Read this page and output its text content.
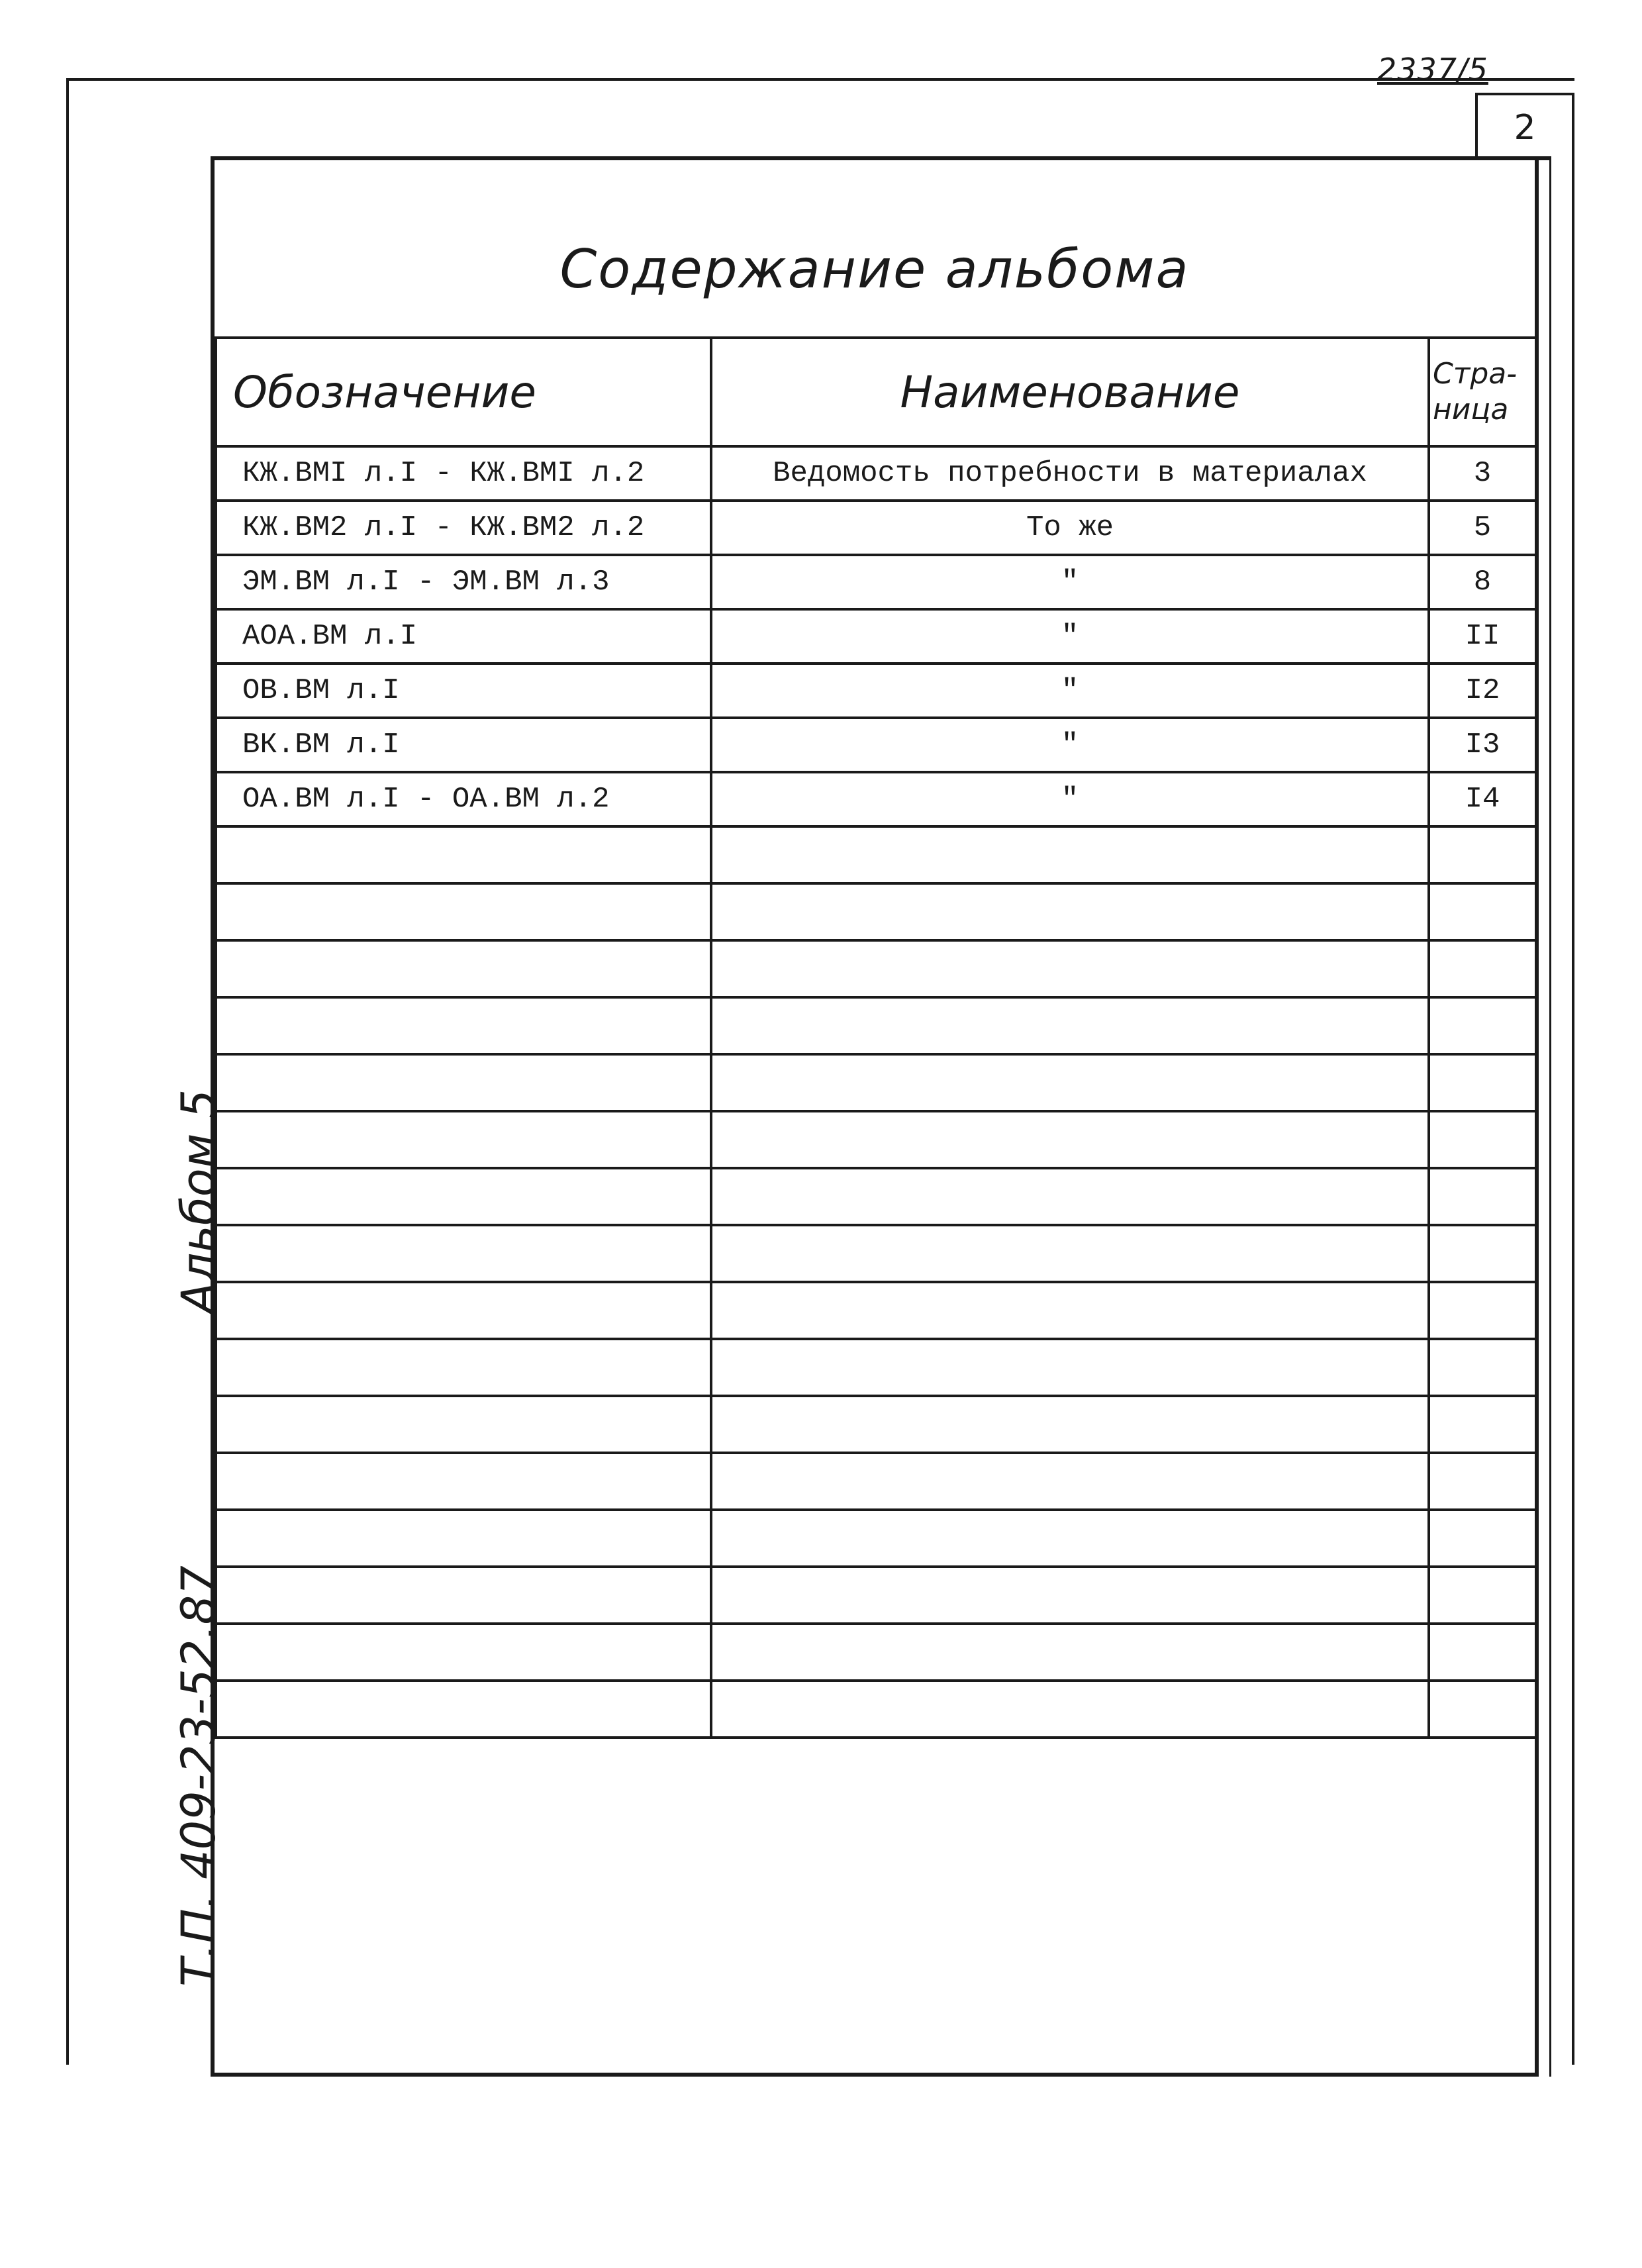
2337/5
2
Т.П. 409-23-52.87
Альбом 5
Содержание альбома
Обозначение	Наименование	Стра-ница
КЖ.ВМI л.I - КЖ.ВМI л.2	Ведомость потребности в материалах	3
КЖ.ВМ2 л.I - КЖ.ВМ2 л.2	То же	5
ЭМ.ВМ л.I - ЭМ.ВМ л.3	"	8
АОА.ВМ л.I	"	II
ОВ.ВМ л.I	"	I2
ВК.ВМ л.I	"	I3
ОА.ВМ л.I - ОА.ВМ л.2	"	I4
